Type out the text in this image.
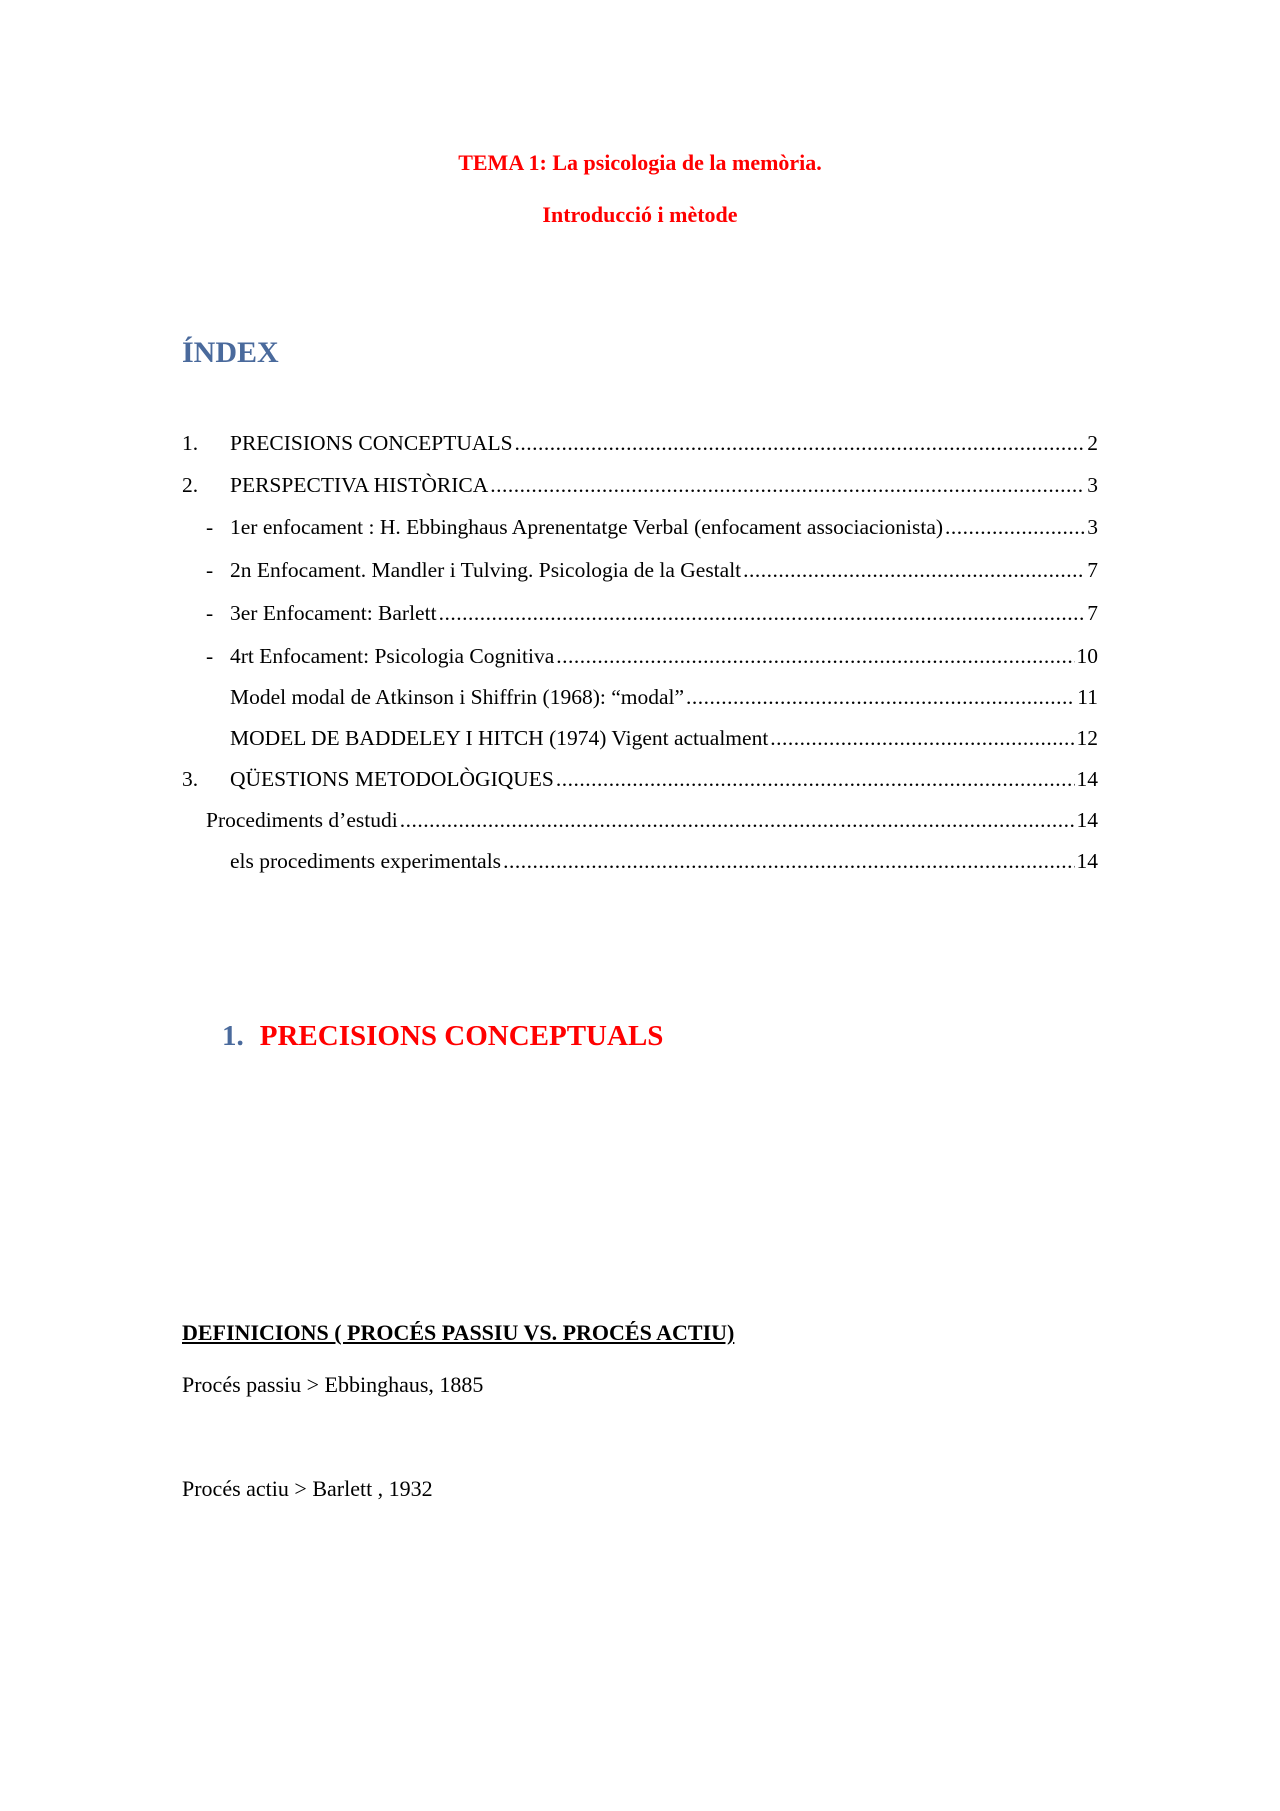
TEMA 1: La psicologia de la memòria.
Introducció i mètode
ÍNDEX
1.	PRECISIONS CONCEPTUALS .....	2
2.	PERSPECTIVA HISTÒRICA .....	3
- 1er enfocament : H. Ebbinghaus Aprenentatge Verbal (enfocament associacionista) .....	3
- 2n Enfocament. Mandler i Tulving. Psicologia de la Gestalt .....	7
- 3er Enfocament: Barlett .....	7
- 4rt Enfocament: Psicologia Cognitiva .....	10
Model modal de Atkinson i Shiffrin (1968): “modal” .....	11
MODEL DE BADDELEY I HITCH (1974) Vigent actualment .....	12
3.	QÜESTIONS METODOLÒGIQUES .....	14
Procediments d’estudi .....	14
els procediments experimentals .....	14
1. PRECISIONS CONCEPTUALS
DEFINICIONS ( PROCÉS PASSIU VS. PROCÉS ACTIU)
Procés passiu > Ebbinghaus, 1885
Procés actiu > Barlett , 1932
